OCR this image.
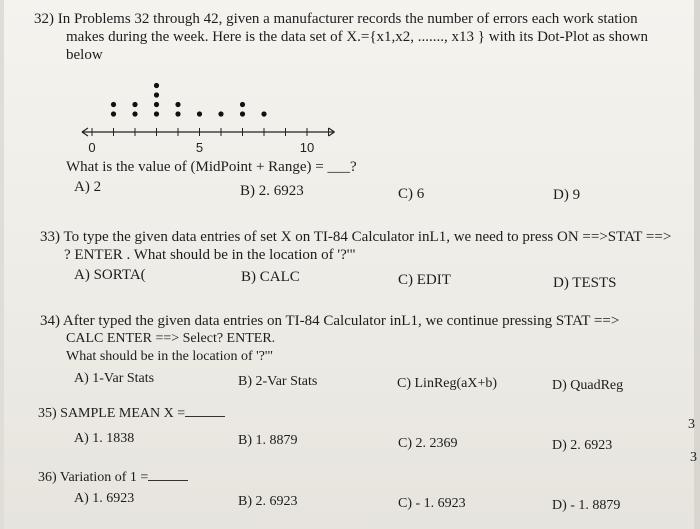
32) In Problems 32 through 42, given a manufacturer records the number of errors each work station
makes during the week. Here is the data set of X.={x1,x2, ......., x13 } with its Dot-Plot as shown
below
0	5	10
What is the value of (MidPoint + Range) = ___?
A) 2	B) 2. 6923	C) 6	D) 9
33) To type the given data entries of set X on TI-84 Calculator inL1, we need to press ON ==>STAT ==>
? ENTER . What should be in the location of '?'"
A) SORTA(	B) CALC	C) EDIT	D) TESTS
34) After typed the given data entries on TI-84 Calculator inL1, we continue pressing STAT ==>
CALC ENTER ==> Select? ENTER.
What should be in the location of '?'"
A) 1-Var Stats	B) 2-Var Stats	C) LinReg(aX+b)	D) QuadReg
35) SAMPLE MEAN X =
A) 1. 1838	B) 1. 8879	C) 2. 2369	D) 2. 6923
36) Variation of 1 =
A) 1. 6923	B) 2. 6923	C) - 1. 6923	D) - 1. 8879
3
3
